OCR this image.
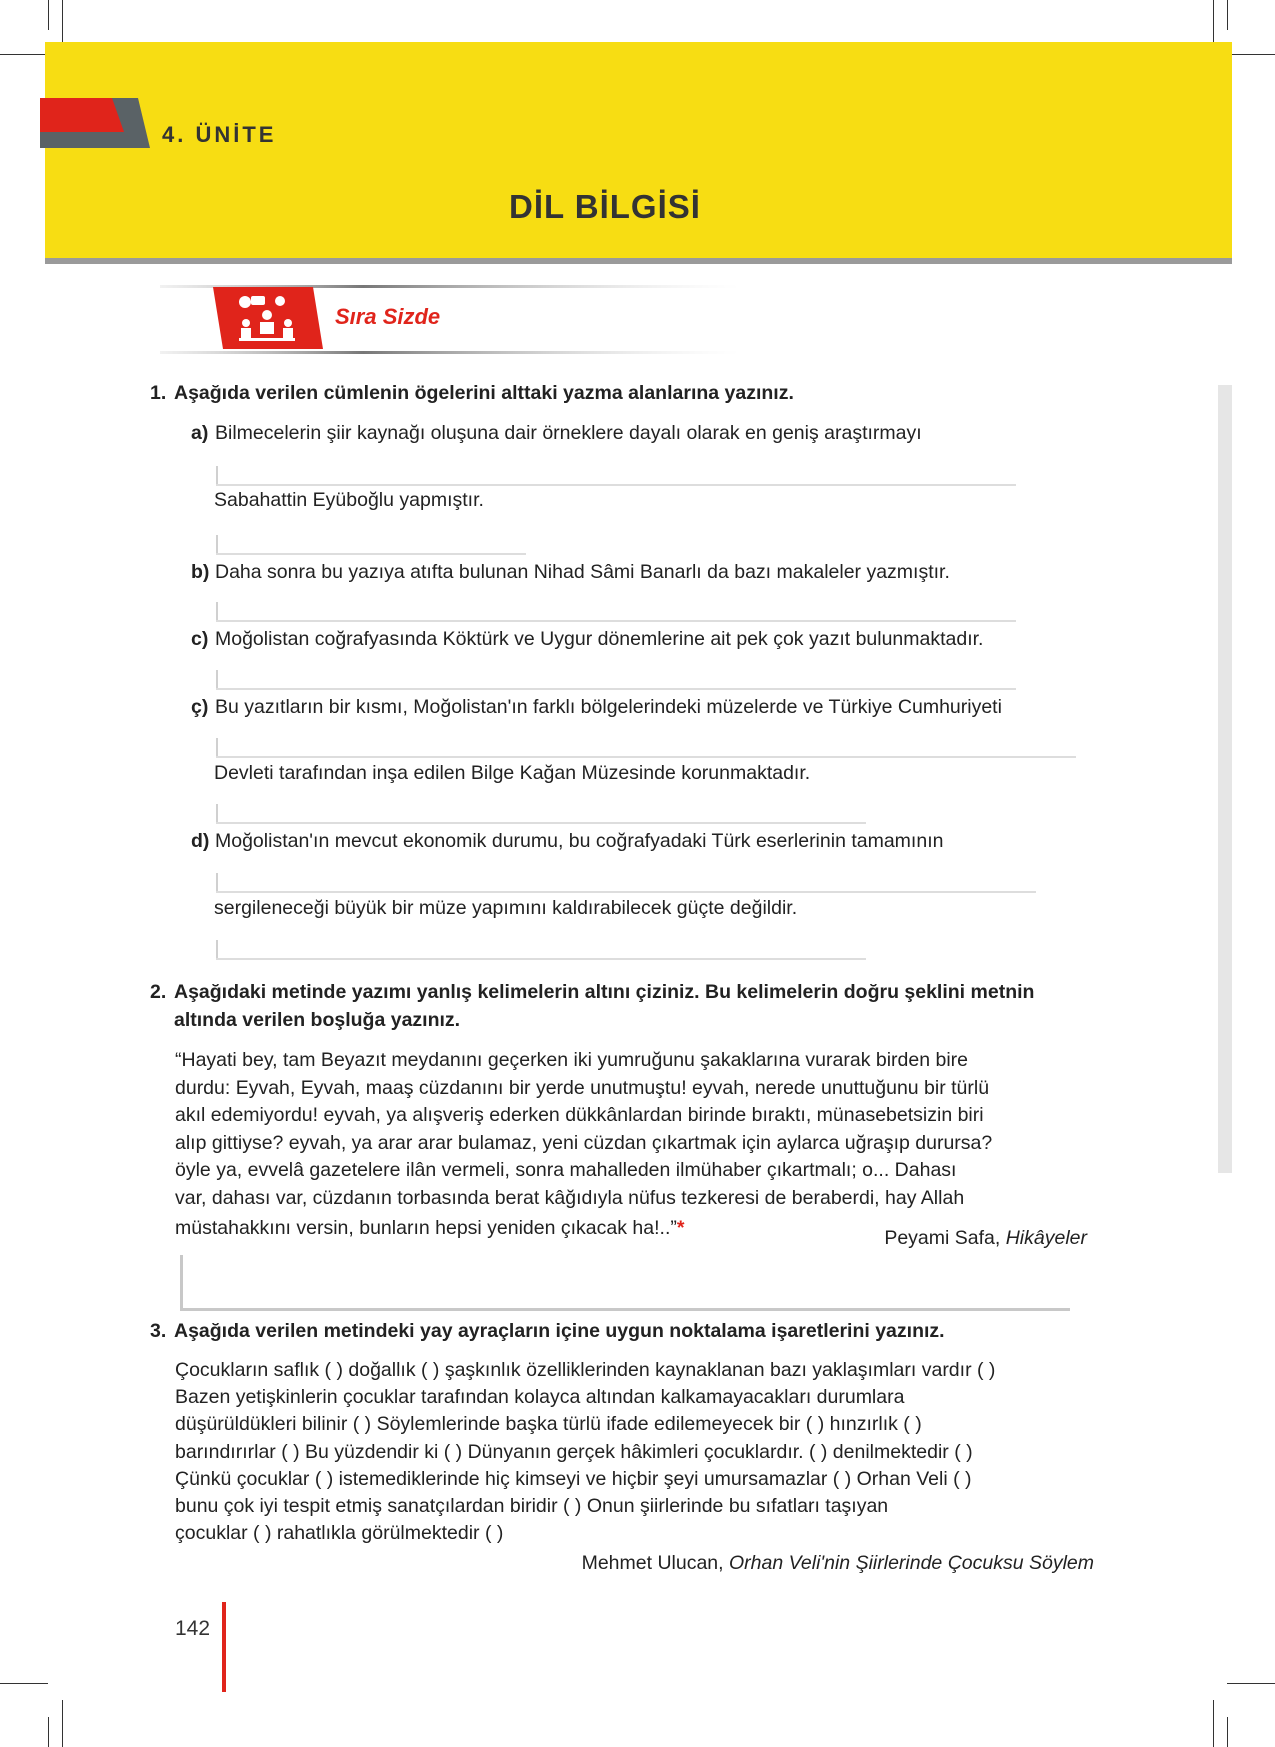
4. ÜNİTE
DİL BİLGİSİ
Sıra Sizde
1. Aşağıda verilen cümlenin ögelerini alttaki yazma alanlarına yazınız.
a) Bilmecelerin şiir kaynağı oluşuna dair örneklere dayalı olarak en geniş araştırmayı
Sabahattin Eyüboğlu yapmıştır.
b) Daha sonra bu yazıya atıfta bulunan Nihad Sâmi Banarlı da bazı makaleler yazmıştır.
c) Moğolistan coğrafyasında Köktürk ve Uygur dönemlerine ait pek çok yazıt bulunmaktadır.
ç) Bu yazıtların bir kısmı, Moğolistan'ın farklı bölgelerindeki müzelerde ve Türkiye Cumhuriyeti
Devleti tarafından inşa edilen Bilge Kağan Müzesinde korunmaktadır.
d) Moğolistan'ın mevcut ekonomik durumu, bu coğrafyadaki Türk eserlerinin tamamının
sergileneceği büyük bir müze yapımını kaldırabilecek güçte değildir.
2. Aşağıdaki metinde yazımı yanlış kelimelerin altını çiziniz. Bu kelimelerin doğru şeklini metnin
altında verilen boşluğa yazınız.
“Hayati bey, tam Beyazıt meydanını geçerken iki yumruğunu şakaklarına vurarak birden bire
durdu: Eyvah, Eyvah, maaş cüzdanını bir yerde unutmuştu! eyvah, nerede unuttuğunu bir türlü
akıl edemiyordu! eyvah, ya alışveriş ederken dükkânlardan birinde bıraktı, münasebetsizin biri
alıp gittiyse? eyvah, ya arar arar bulamaz, yeni cüzdan çıkartmak için aylarca uğraşıp durursa?
öyle ya, evvelâ gazetelere ilân vermeli, sonra mahalleden ilmühaber çıkartmalı; o... Dahası
var, dahası var, cüzdanın torbasında berat kâğıdıyla nüfus tezkeresi de beraberdi, hay Allah
müstahakkını versin, bunların hepsi yeniden çıkacak ha!..”*	Peyami Safa, Hikâyeler
3. Aşağıda verilen metindeki yay ayraçların içine uygun noktalama işaretlerini yazınız.
Çocukların saflık ( ) doğallık ( ) şaşkınlık özelliklerinden kaynaklanan bazı yaklaşımları vardır ( )
Bazen yetişkinlerin çocuklar tarafından kolayca altından kalkamayacakları durumlara
düşürüldükleri bilinir ( ) Söylemlerinde başka türlü ifade edilemeyecek bir ( ) hınzırlık ( )
barındırırlar ( ) Bu yüzdendir ki ( ) Dünyanın gerçek hâkimleri çocuklardır. ( ) denilmektedir ( )
Çünkü çocuklar ( ) istemediklerinde hiç kimseyi ve hiçbir şeyi umursamazlar ( ) Orhan Veli ( )
bunu çok iyi tespit etmiş sanatçılardan biridir ( ) Onun şiirlerinde bu sıfatları taşıyan
çocuklar ( ) rahatlıkla görülmektedir ( )
Mehmet Ulucan, Orhan Veli'nin Şiirlerinde Çocuksu Söylem
142
